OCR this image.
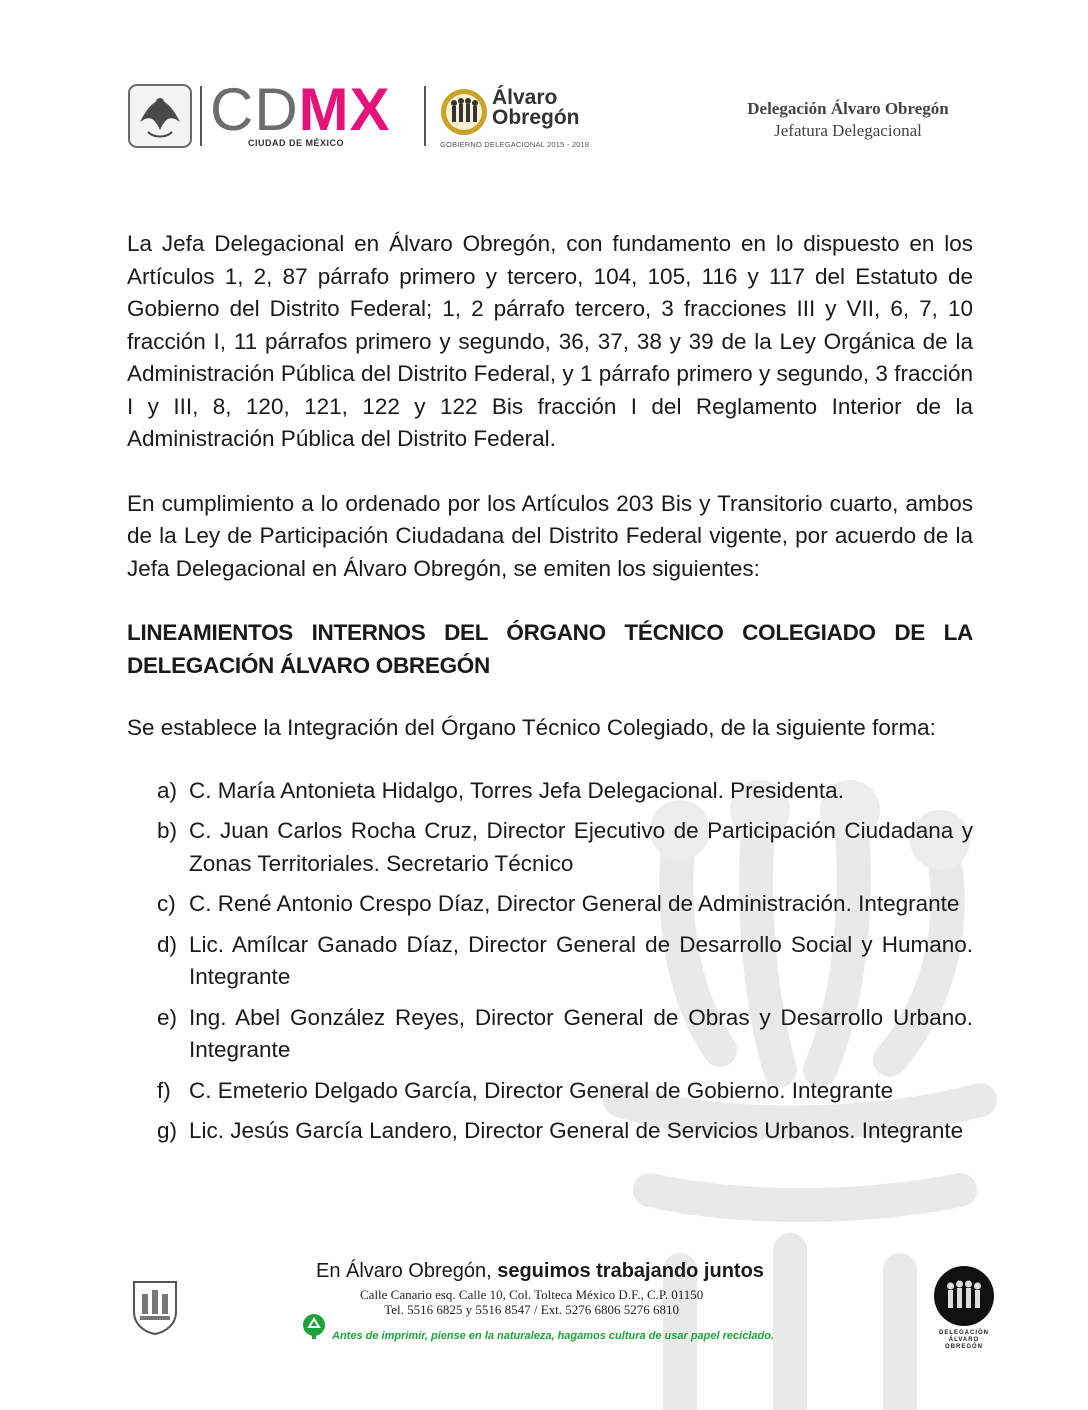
CDMX
CIUDAD DE MÉXICO
Álvaro
Obregón
GOBIERNO DELEGACIONAL 2015 - 2018
Delegación Álvaro Obregón
Jefatura Delegacional

La Jefa Delegacional en Álvaro Obregón, con fundamento en lo dispuesto en los Artículos 1, 2, 87 párrafo primero y tercero, 104, 105, 116 y 117 del Estatuto de Gobierno del Distrito Federal; 1, 2 párrafo tercero, 3 fracciones III y VII, 6, 7, 10 fracción I, 11 párrafos primero y segundo, 36, 37, 38 y 39 de la Ley Orgánica de la Administración Pública del Distrito Federal, y 1 párrafo primero y segundo, 3 fracción I y III, 8, 120, 121, 122 y 122 Bis fracción I del Reglamento Interior de la Administración Pública del Distrito Federal.

En cumplimiento a lo ordenado por los Artículos 203 Bis y Transitorio cuarto, ambos de la Ley de Participación Ciudadana del Distrito Federal vigente, por acuerdo de la Jefa Delegacional en Álvaro Obregón, se emiten los siguientes:

LINEAMIENTOS INTERNOS DEL ÓRGANO TÉCNICO COLEGIADO DE LA DELEGACIÓN ÁLVARO OBREGÓN

Se establece la Integración del Órgano Técnico Colegiado, de la siguiente forma:

a) C. María Antonieta Hidalgo, Torres Jefa Delegacional. Presidenta.
b) C. Juan Carlos Rocha Cruz, Director Ejecutivo de Participación Ciudadana y Zonas Territoriales. Secretario Técnico
c) C. René Antonio Crespo Díaz, Director General de Administración. Integrante
d) Lic. Amílcar Ganado Díaz, Director General de Desarrollo Social y Humano. Integrante
e) Ing. Abel González Reyes, Director General de Obras y Desarrollo Urbano. Integrante
f) C. Emeterio Delgado García, Director General de Gobierno. Integrante
g) Lic. Jesús García Landero, Director General de Servicios Urbanos. Integrante
En Álvaro Obregón, seguimos trabajando juntos
Calle Canario esq. Calle 10, Col. Tolteca México D.F., C.P. 01150
Tel. 5516 6825 y 5516 8547 / Ext. 5276 6806 5276 6810
Antes de imprimir, piense en la naturaleza, hagamos cultura de usar papel reciclado.	DELEGACIÓN
ÁLVARO
OBREGÓN
